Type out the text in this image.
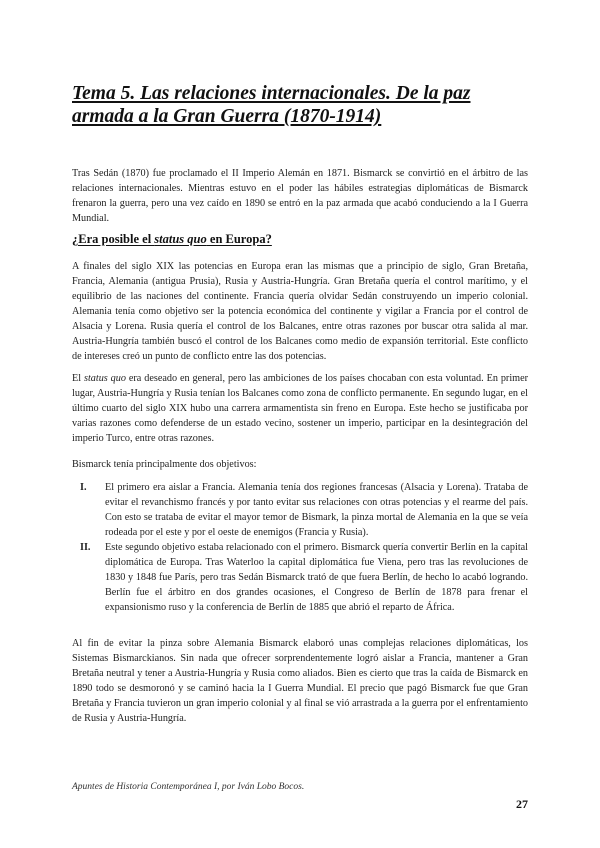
Tema 5. Las relaciones internacionales. De la paz armada a la Gran Guerra (1870-1914)

Tras Sedán (1870) fue proclamado el II Imperio Alemán en 1871. Bismarck se convirtió en el árbitro de las relaciones internacionales. Mientras estuvo en el poder las hábiles estrategias diplomáticas de Bismarck frenaron la guerra, pero una vez caído en 1890 se entró en la paz armada que acabó conduciendo a la I Guerra Mundial.

¿Era posible el status quo en Europa?

A finales del siglo XIX las potencias en Europa eran las mismas que a principio de siglo, Gran Bretaña, Francia, Alemania (antigua Prusia), Rusia y Austria-Hungría. Gran Bretaña quería el control marítimo, y el equilibrio de las naciones del continente. Francia quería olvidar Sedán construyendo un imperio colonial. Alemania tenía como objetivo ser la potencia económica del continente y vigilar a Francia por el control de Alsacia y Lorena. Rusia quería el control de los Balcanes, entre otras razones por buscar otra salida al mar. Austria-Hungría también buscó el control de los Balcanes como medio de expansión territorial. Este conflicto de intereses creó un punto de conflicto entre las dos potencias.

El status quo era deseado en general, pero las ambiciones de los países chocaban con esta voluntad. En primer lugar, Austria-Hungría y Rusia tenían los Balcanes como zona de conflicto permanente. En segundo lugar, en el último cuarto del siglo XIX hubo una carrera armamentista sin freno en Europa. Este hecho se justificaba por varias razones como defenderse de un estado vecino, sostener un imperio, participar en la desintegración del imperio Turco, entre otras razones.

Bismarck tenía principalmente dos objetivos:

I. El primero era aislar a Francia. Alemania tenía dos regiones francesas (Alsacia y Lorena). Trataba de evitar el revanchismo francés y por tanto evitar sus relaciones con otras potencias y el rearme del país. Con esto se trataba de evitar el mayor temor de Bismark, la pinza mortal de Alemania en la que se veía rodeada por el este y por el oeste de enemigos (Francia y Rusia).
II. Este segundo objetivo estaba relacionado con el primero. Bismarck quería convertir Berlín en la capital diplomática de Europa. Tras Waterloo la capital diplomática fue Viena, pero tras las revoluciones de 1830 y 1848 fue París, pero tras Sedán Bismarck trató de que fuera Berlín, de hecho lo acabó logrando. Berlín fue el árbitro en dos grandes ocasiones, el Congreso de Berlín de 1878 para frenar el expansionismo ruso y la conferencia de Berlín de 1885 que abrió el reparto de África.

Al fin de evitar la pinza sobre Alemania Bismarck elaboró unas complejas relaciones diplomáticas, los Sistemas Bismarckianos. Sin nada que ofrecer sorprendentemente logró aislar a Francia, mantener a Gran Bretaña neutral y tener a Austria-Hungría y Rusia como aliados. Bien es cierto que tras la caída de Bismarck en 1890 todo se desmoronó y se caminó hacia la I Guerra Mundial. El precio que pagó Bismarck fue que Gran Bretaña y Francia tuvieron un gran imperio colonial y al final se vió arrastrada a la guerra por el enfrentamiento de Rusia y Austria-Hungría.

Apuntes de Historia Contemporánea I, por Iván Lobo Bocos.
27
